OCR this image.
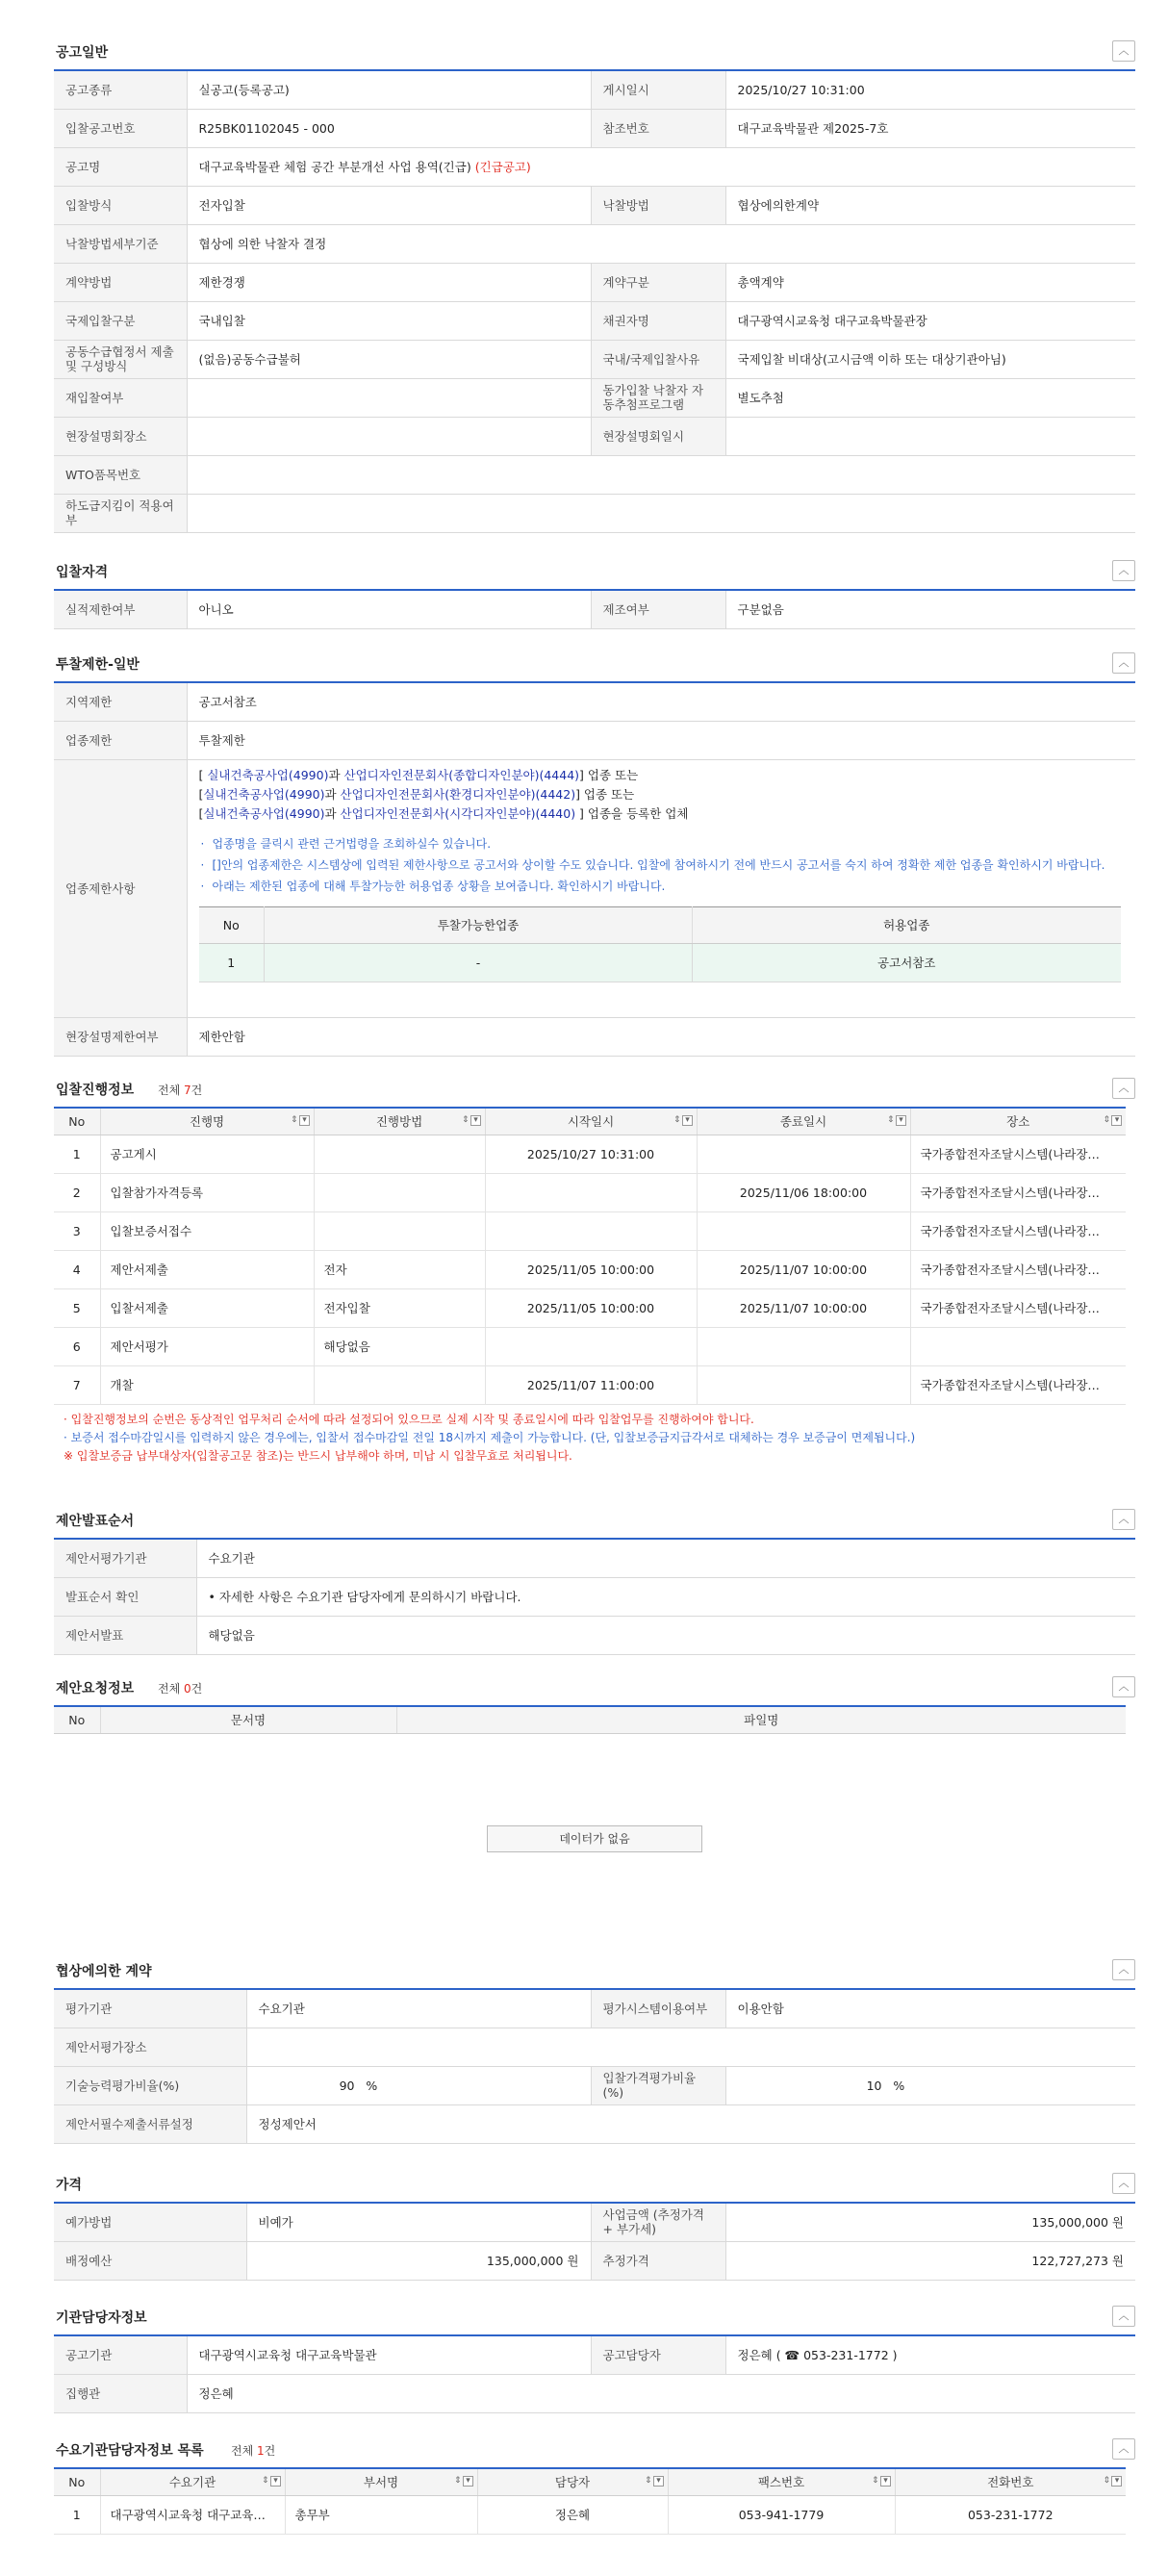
공고일반	︿
공고종류	실공고(등록공고)	게시일시	2025/10/27 10:31:00
입찰공고번호	R25BK01102045 - 000	참조번호	대구교육박물관 제2025-7호
공고명	대구교육박물관 체험 공간 부분개선 사업 용역(긴급) (긴급공고)		
입찰방식	전자입찰	낙찰방법	협상에의한계약
낙찰방법세부기준	협상에 의한 낙찰자 결정		
계약방법	제한경쟁	계약구분	총액계약
국제입찰구분	국내입찰	채권자명	대구광역시교육청 대구교육박물관장
공동수급협정서 제출 및 구성방식	(없음)공동수급불허	국내/국제입찰사유	국제입찰 비대상(고시금액 이하 또는 대상기관아님)
재입찰여부		동가입찰 낙찰자 자동추첨프로그램	별도추첨
현장설명회장소		현장설명회일시	
WTO품목번호			
하도급지킴이 적용여부			
입찰자격	︿
실적제한여부	아니오	제조여부	구분없음
투찰제한-일반	︿
지역제한	공고서참조
업종제한	투찰제한
업종제한사항	
[ 실내건축공사업(4990)과 산업디자인전문회사(종합디자인분야)(4444)] 업종 또는
[실내건축공사업(4990)과 산업디자인전문회사(환경디자인분야)(4442)] 업종 또는
[실내건축공사업(4990)과 산업디자인전문회사(시각디자인분야)(4440) ] 업종을 등록한 업체
· 업종명을 클릭시 관련 근거법령을 조회하실수 있습니다.
· []안의 업종제한은 시스템상에 입력된 제한사항으로 공고서와 상이할 수도 있습니다. 입찰에 참여하시기 전에 반드시 공고서를 숙지 하여 정확한 제한 업종을 확인하시기 바랍니다.
· 아래는 제한된 업종에 대해 투찰가능한 허용업종 상황을 보여줍니다. 확인하시기 바랍니다.
No	투찰가능한업종	허용업종
1	-	공고서참조

현장설명제한여부	제한안함
입찰진행정보 전체 7건	︿
No	진행명 ⇕ ▾	진행방법 ⇕ ▾	시작일시 ⇕ ▾	종료일시 ⇕ ▾	장소 ⇕ ▾

1	공고게시		2025/10/27 10:31:00		국가종합전자조달시스템(나라장…
2	입찰참가자격등록			2025/11/06 18:00:00	국가종합전자조달시스템(나라장…
3	입찰보증서접수				국가종합전자조달시스템(나라장…
4	제안서제출	전자	2025/11/05 10:00:00	2025/11/07 10:00:00	국가종합전자조달시스템(나라장…
5	입찰서제출	전자입찰	2025/11/05 10:00:00	2025/11/07 10:00:00	국가종합전자조달시스템(나라장…
6	제안서평가	해당없음			
7	개찰		2025/11/07 11:00:00		국가종합전자조달시스템(나라장…
· 입찰진행정보의 순번은 동상적인 업무처리 순서에 따라 설정되어 있으므로 실제 시작 및 종료일시에 따라 입찰업무를 진행하여야 합니다.
· 보증서 접수마감일시를 입력하지 않은 경우에는, 입찰서 접수마감일 전일 18시까지 제출이 가능합니다. (단, 입찰보증금지급각서로 대체하는 경우 보증금이 면제됩니다.)
※ 입찰보증금 납부대상자(입찰공고문 참조)는 반드시 납부해야 하며, 미납 시 입찰무효로 처리됩니다.
제안발표순서	︿
제안서평가기관	수요기관
발표순서 확인	• 자세한 사항은 수요기관 담당자에게 문의하시기 바랍니다.
제안서발표	해당없음
제안요청정보 전체 0건	︿
No	문서명	파일명
데이터가 없음
협상에의한 계약	︿
평가기관	수요기관	평가시스템이용여부	이용안함
제안서평가장소			
기술능력평가비율(%)	90 %	입찰가격평가비율(%)	10 %
제안서필수제출서류설정	정성제안서		
가격	︿
예가방법	비예가	사업금액 (추정가격 + 부가세)	135,000,000 원
배정예산	135,000,000 원	추정가격	122,727,273 원
기관담당자정보	︿
공고기관	대구광역시교육청 대구교육박물관	공고담당자	정은혜 ( ☎ 053-231-1772 )
집행관	정은혜		
수요기관담당자정보 목록 전체 1건	︿
No	수요기관 ⇕ ▾	부서명 ⇕ ▾	담당자 ⇕ ▾	팩스번호 ⇕ ▾	전화번호 ⇕ ▾

1	대구광역시교육청 대구교육…	총무부	정은혜	053-941-1779	053-231-1772
